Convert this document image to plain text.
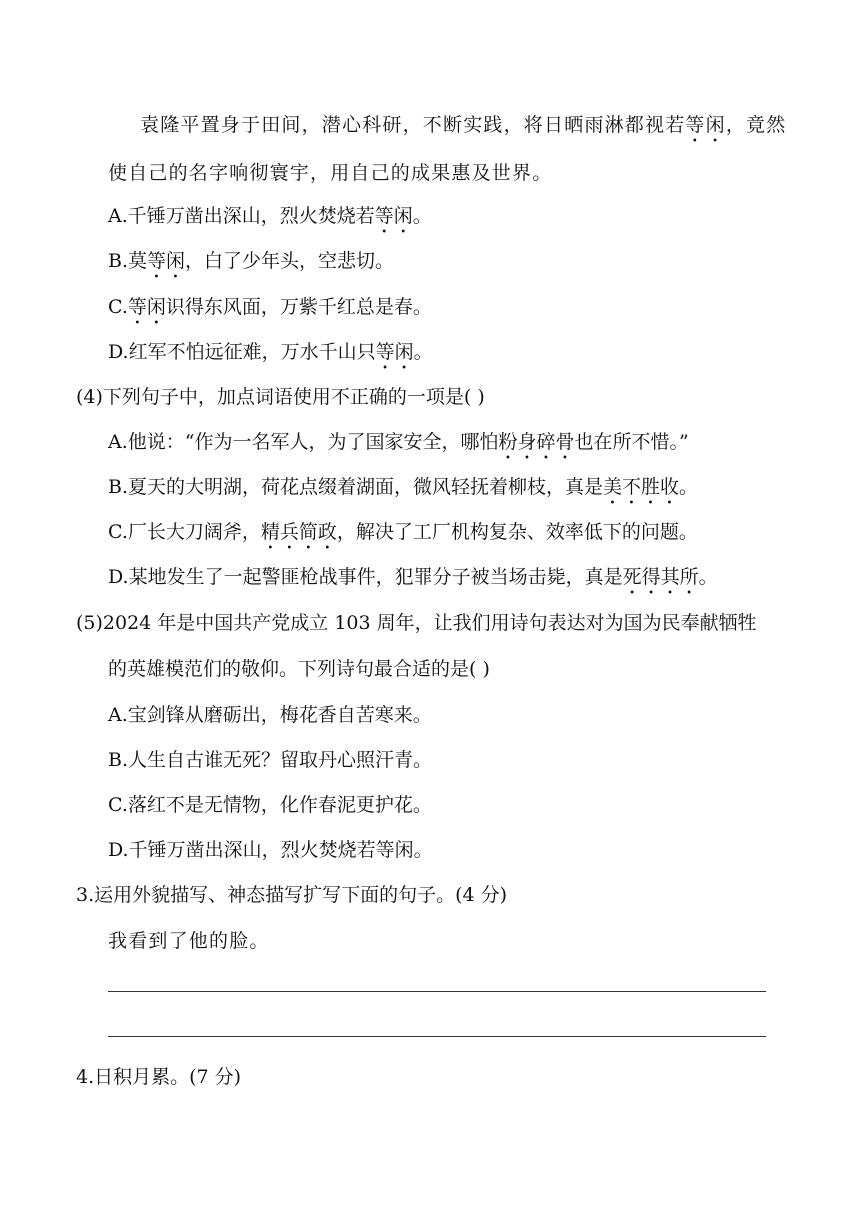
袁隆平置身于田间，潜心科研，不断实践，将日晒雨淋都视若等闲，竟然
使自己的名字响彻寰宇，用自己的成果惠及世界。
A.千锤万凿出深山，烈火焚烧若等闲。
B.莫等闲，白了少年头，空悲切。
C.等闲识得东风面，万紫千红总是春。
D.红军不怕远征难，万水千山只等闲。
(4)下列句子中，加点词语使用不正确的一项是( )
A.他说：“作为一名军人，为了国家安全，哪怕粉身碎骨也在所不惜。”
B.夏天的大明湖，荷花点缀着湖面，微风轻抚着柳枝，真是美不胜收。
C.厂长大刀阔斧，精兵简政，解决了工厂机构复杂、效率低下的问题。
D.某地发生了一起警匪枪战事件，犯罪分子被当场击毙，真是死得其所。
(5)2024 年是中国共产党成立 103 周年，让我们用诗句表达对为国为民奉献牺牲
的英雄模范们的敬仰。下列诗句最合适的是( )
A.宝剑锋从磨砺出，梅花香自苦寒来。
B.人生自古谁无死？留取丹心照汗青。
C.落红不是无情物，化作春泥更护花。
D.千锤万凿出深山，烈火焚烧若等闲。
3.运用外貌描写、神态描写扩写下面的句子。(4 分)
我看到了他的脸。
4.日积月累。(7 分)
